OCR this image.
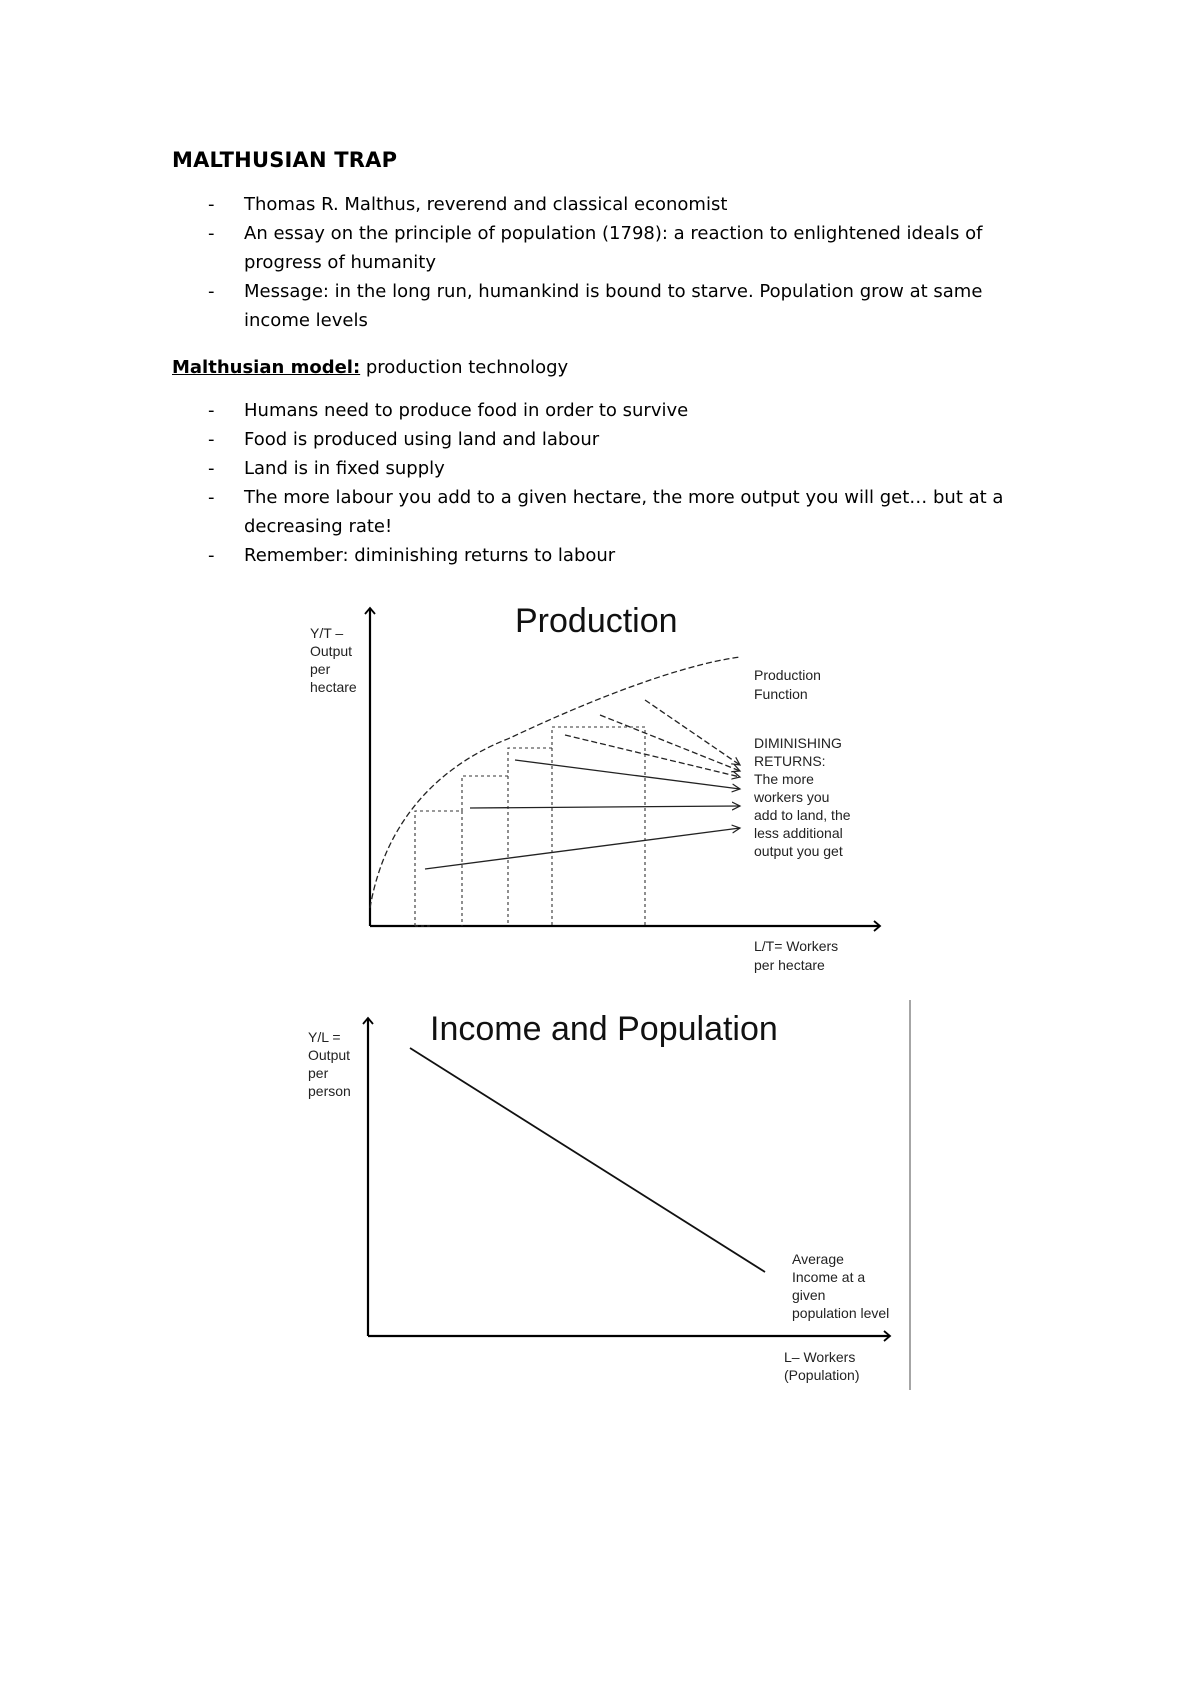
MALTHUSIAN TRAP
- Thomas R. Malthus, reverend and classical economist
- An essay on the principle of population (1798): a reaction to enlightened ideals of progress of humanity
- Message: in the long run, humankind is bound to starve. Population grow at same income levels
Malthusian model: production technology
- Humans need to produce food in order to survive
- Food is produced using land and labour
- Land is in fixed supply
- The more labour you add to a given hectare, the more output you will get… but at a decreasing rate!
- Remember: diminishing returns to labour
Production
Y/T –
Output
per
hectare
Production
Function
DIMINISHING
RETURNS:
The more
workers you
add to land, the
less additional
output you get
L/T= Workers
per hectare
Income and Population
Y/L =
Output
per
person
Average
Income at a
given
population level
L– Workers
(Population)
